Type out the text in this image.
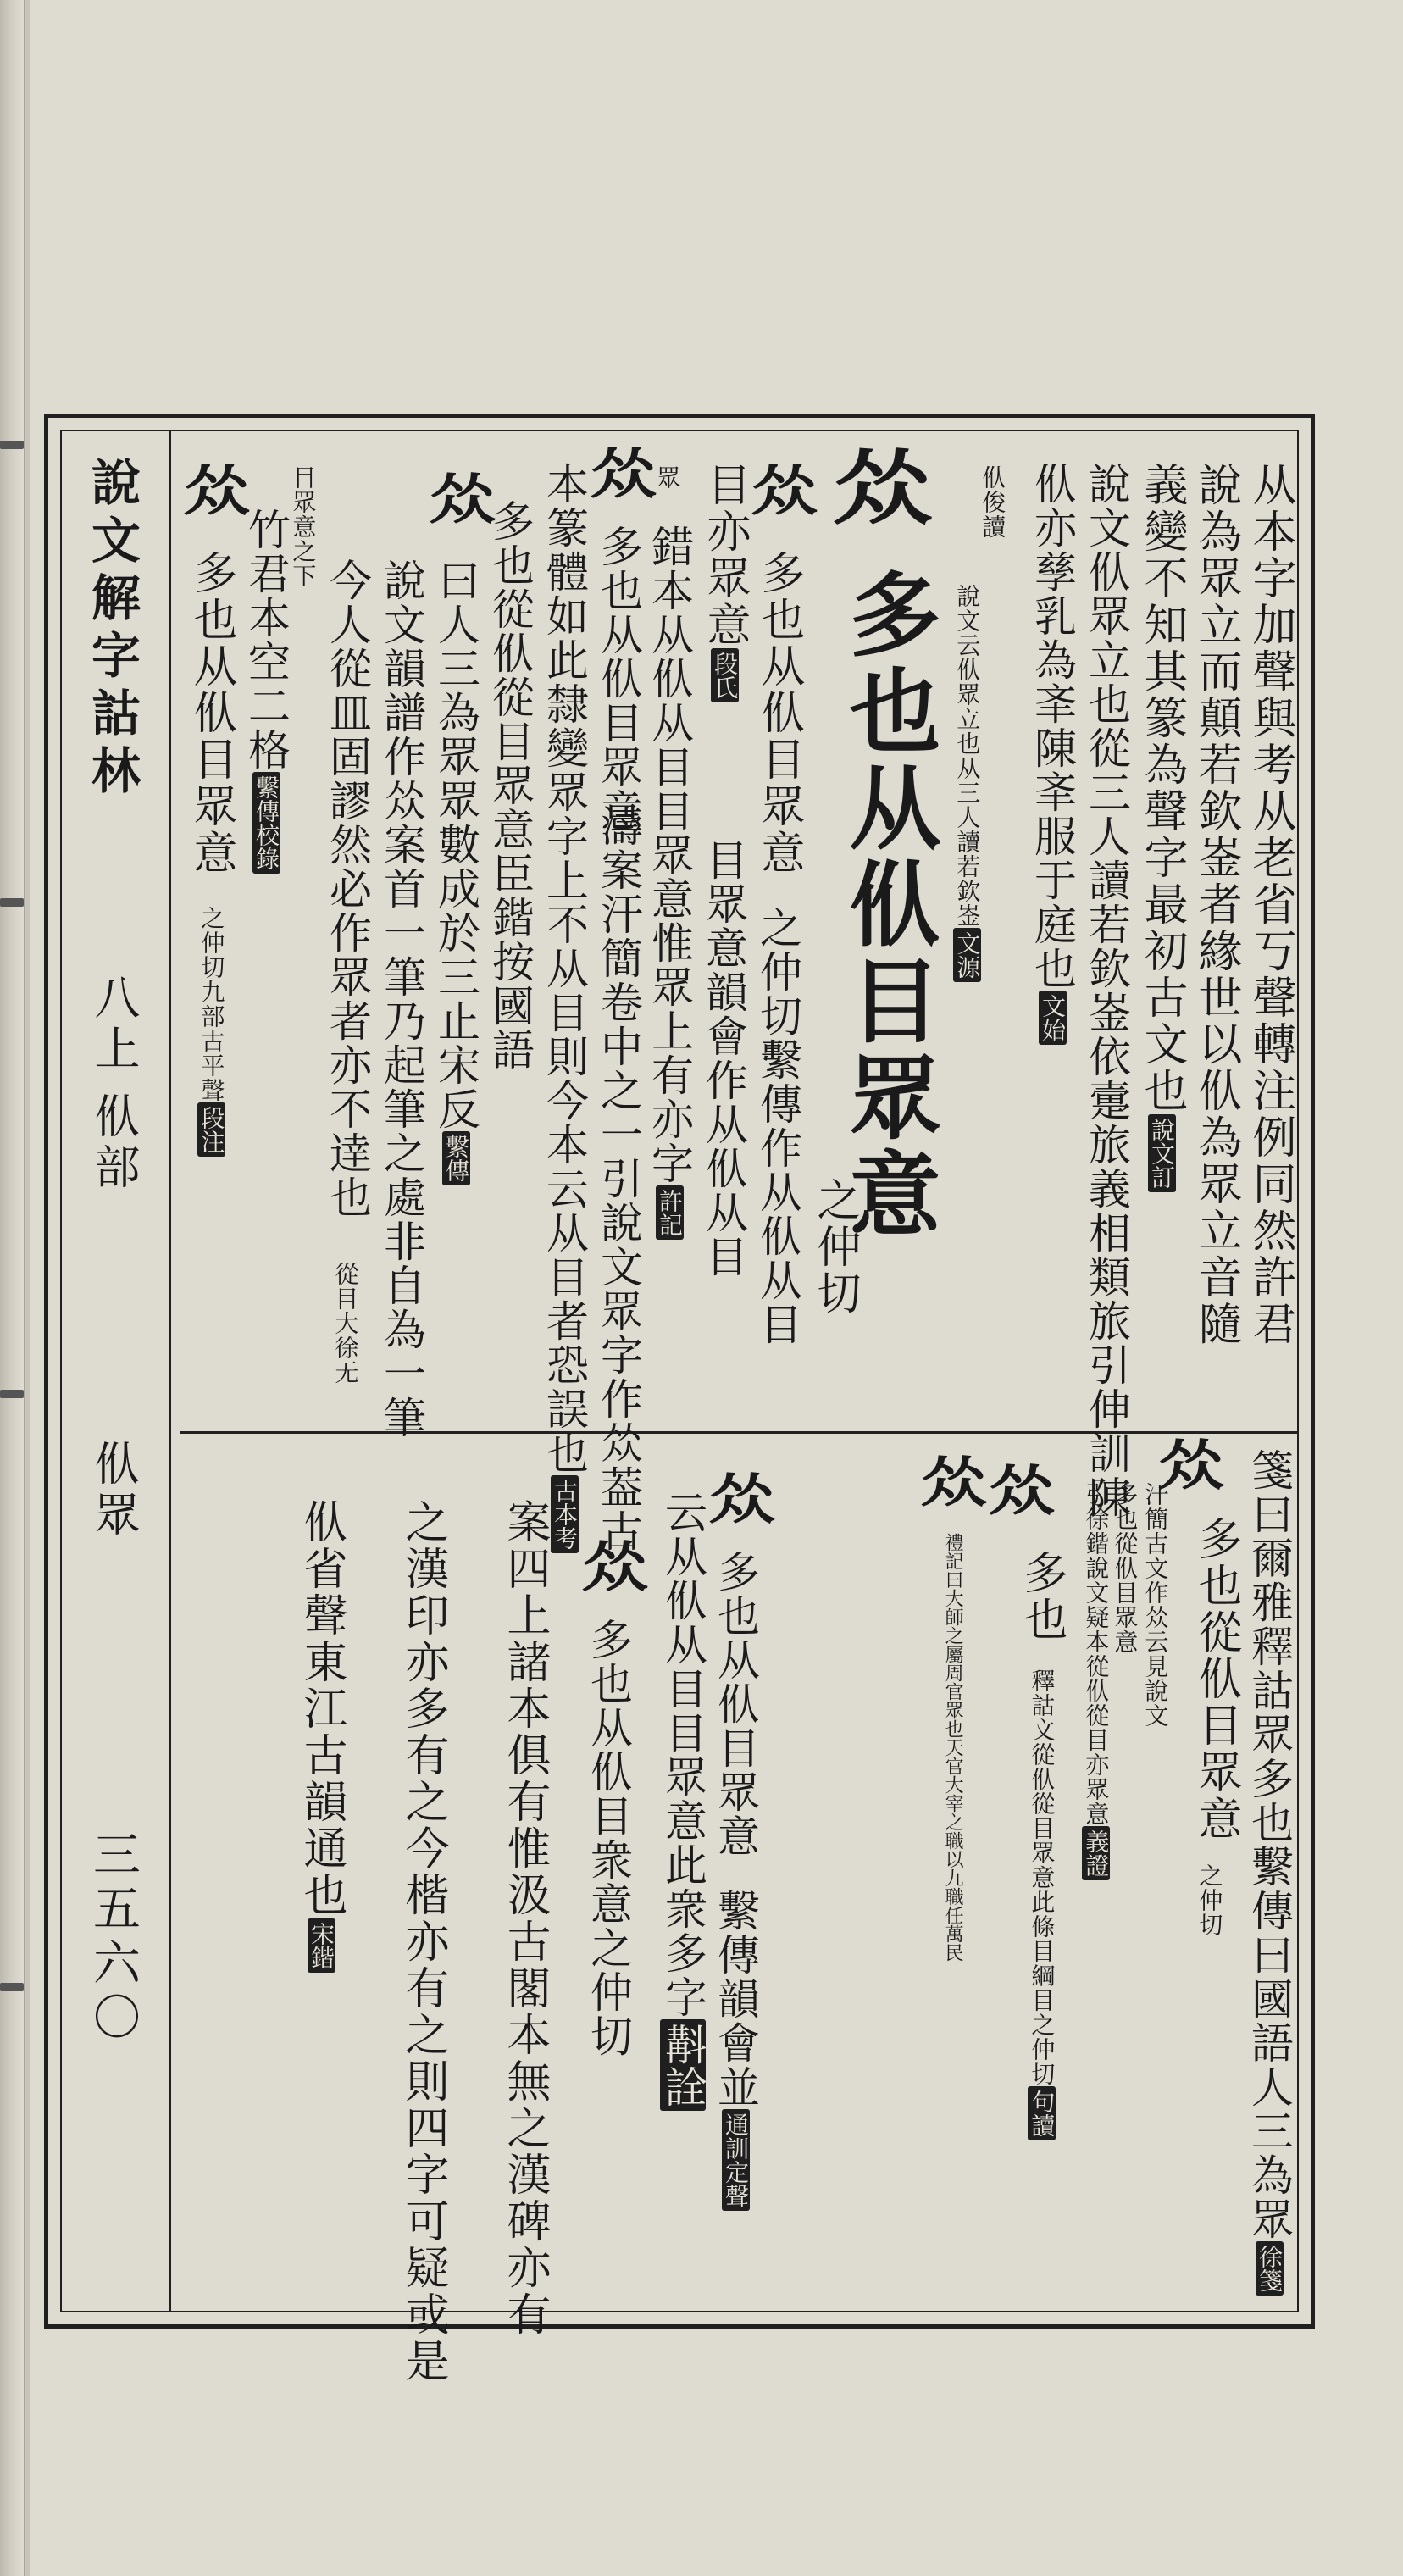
說文解字詁林
八上
㐺部
㐺眾
三五六〇
从本字加聲與考从老省丂聲轉注例同然許君
說為眾立而顛若欽崟者緣世以㐺為眾立音隨
義變不知其篆為聲字最初古文也說文訂
說文㐺眾立也從三人讀若欽崟依㚄旅義相類旅引伸訓陳
㐺亦孳乳為㪯陳㪯服于庭也文始
㐺俊讀
說文云㐺眾立也从三人讀若欽崟文源
𠈌
多也从㐺目眾意
之仲切
𠈌
多也从㐺目眾意
之仲切繫傳作从㐺从目
目亦眾意段氏
目眾意韻會作从㐺从目
眾
錯本从㐺从目目眾意惟眾上有亦字許記
𠈌
多也从㐺目眾意
濤案汗簡卷中之一引說文眾字作𠈌葢古
本篆體如此隸變眾字上不从目則今本云从目者恐誤也古本考
𠈌
多也從㐺從目眾意臣鍇按國語
曰人三為眾眾數成於三止宋反繫傳
說文韻譜作𠈌案首一筆乃起筆之處非自為一筆
今人從皿固謬然必作眾者亦不逹也
從目大徐无
目眾意之下
竹君本空二格繫傳校錄
𠈌
多也从㐺目眾意
之仲切九部古平聲段注
箋曰爾雅釋詁眾多也繫傳曰國語人三為眾徐箋
𠈌
多也從㐺目眾意
之仲切
汗簡古文作𠈌云見說文
多也從㐺目眾意
引徐鍇說文疑本從㐺從目亦眾意義證
𠈌
多也
釋詁文從㐺從目眾意此條目綱目之仲切句讀
𠈌
禮記曰大師之屬周官眾也天官大宰之職以九職任萬民
𠈌
多也从㐺目眾意
繫傳韻會並通訓定聲
云从㐺从目目眾意此衆多字斠詮
𠈌
多也从㐺目衆意之仲切
案四上諸本俱有惟汲古閣本無之漢碑亦有
之漢印亦多有之今楷亦有之則四字可疑或是
㐺省聲東江古韻通也宋鍇
